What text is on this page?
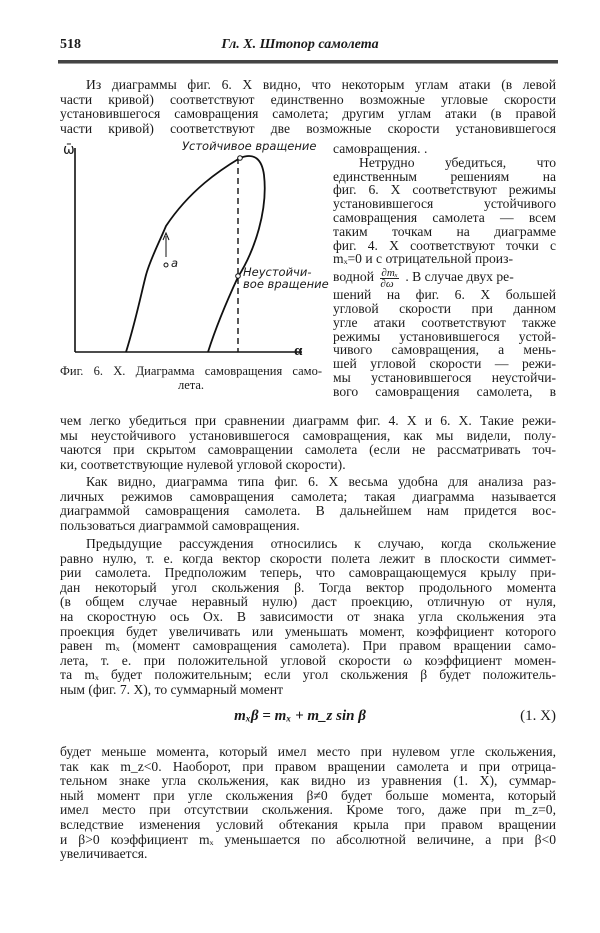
518	Гл. X. Штопор самолета
Из диаграммы фиг. 6. X видно, что некоторым углам атаки (в левой
части кривой) соответствуют единственно возможные угловые скорости
установившегося самовращения самолета; другим углам атаки (в правой
части кривой) соответствуют две возможные скорости установившегося
самовращения. .
Нетрудно убедиться, что
единственным решениям на
фиг. 6. X соответствуют режимы
установившегося устойчивого
самовращения самолета — всем
таким точкам на диаграмме
фиг. 4. X соответствуют точки с
mₓ=0 и с отрицательной произ-
водной $\frac{\text{∂mₓ}}{\partial\omega}$ . В случае двух ре-
шений на фиг. 6. X большей
угловой скорости при данном
угле атаки соответствуют также
режимы установившегося устой-
чивого самовращения, а мень-
шей угловой скорости — режи-
мы установившегося неустойчи-
вого самовращения самолета, в
ω̄
α
Устойчивое вращение
Неустойчи-
вое вращение
a
Фиг. 6. X. Диаграмма самовращения само-
лета.
чем легко убедиться при сравнении диаграмм фиг. 4. X и 6. X. Такие режи-
мы неустойчивого установившегося самовращения, как мы видели, полу-
чаются при скрытом самовращении самолета (если не рассматривать точ-
ки, соответствующие нулевой угловой скорости).
Как видно, диаграмма типа фиг. 6. X весьма удобна для анализа раз-
личных режимов самовращения самолета; такая диаграмма называется
диаграммой самовращения самолета. В дальнейшем нам придется вос-
пользоваться диаграммой самовращения.
Предыдущие рассуждения относились к случаю, когда скольжение
равно нулю, т. е. когда вектор скорости полета лежит в плоскости симмет-
рии самолета. Предположим теперь, что самовращающемуся крылу при-
дан некоторый угол скольжения β. Тогда вектор продольного момента
(в общем случае неравный нулю) даст проекцию, отличную от нуля,
на скоростную ось Ox. В зависимости от знака угла скольжения эта
проекция будет увеличивать или уменьшать момент, коэффициент которого
равен mₓ (момент самовращения самолета). При правом вращении само-
лета, т. е. при положительной угловой скорости ω коэффициент момен-
та mₓ будет положительным; если угол скольжения β будет положитель-
ным (фиг. 7. X), то суммарный момент
mₓβ = mₓ + m_z sin β	(1. X)
будет меньше момента, который имел место при нулевом угле скольжения,
так как m_z<0. Наоборот, при правом вращении самолета и при отрица-
тельном знаке угла скольжения, как видно из уравнения (1. X), суммар-
ный момент при угле скольжения β≠0 будет больше момента, который
имел место при отсутствии скольжения. Кроме того, даже при m_z=0,
вследствие изменения условий обтекания крыла при правом вращении
и β>0 коэффициент mₓ уменьшается по абсолютной величине, а при β<0
увеличивается.
